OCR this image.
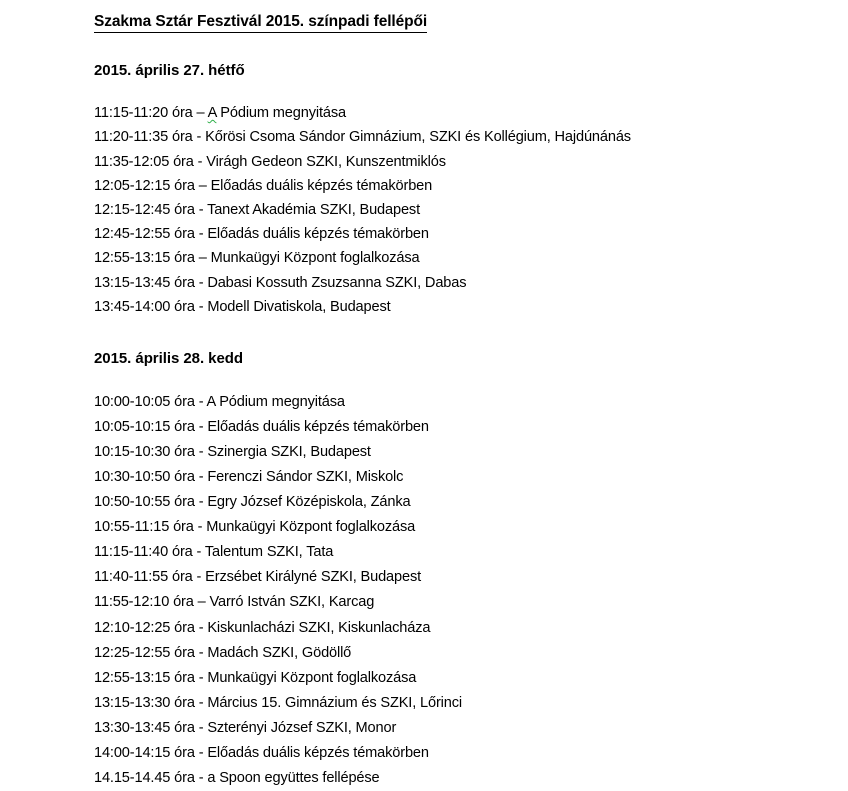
Szakma Sztár Fesztivál 2015. színpadi fellépői
2015. április 27. hétfő
11:15-11:20 óra – A Pódium megnyitása
11:20-11:35 óra - Kőrösi Csoma Sándor Gimnázium, SZKI és Kollégium, Hajdúnánás
11:35-12:05 óra - Virágh Gedeon SZKI, Kunszentmiklós
12:05-12:15 óra – Előadás duális képzés témakörben
12:15-12:45 óra - Tanext Akadémia SZKI, Budapest
12:45-12:55 óra - Előadás duális képzés témakörben
12:55-13:15 óra – Munkaügyi Központ foglalkozása
13:15-13:45 óra - Dabasi Kossuth Zsuzsanna SZKI, Dabas
13:45-14:00 óra - Modell Divatiskola, Budapest
2015. április 28. kedd
10:00-10:05 óra - A Pódium megnyitása
10:05-10:15 óra - Előadás duális képzés témakörben
10:15-10:30 óra - Szinergia SZKI, Budapest
10:30-10:50 óra - Ferenczi Sándor SZKI, Miskolc
10:50-10:55 óra - Egry József Középiskola, Zánka
10:55-11:15 óra - Munkaügyi Központ foglalkozása
11:15-11:40 óra - Talentum SZKI, Tata
11:40-11:55 óra - Erzsébet Királyné SZKI, Budapest
11:55-12:10 óra – Varró István SZKI, Karcag
12:10-12:25 óra - Kiskunlacházi SZKI, Kiskunlacháza
12:25-12:55 óra - Madách SZKI, Gödöllő
12:55-13:15 óra - Munkaügyi Központ foglalkozása
13:15-13:30 óra - Március 15. Gimnázium és SZKI, Lőrinci
13:30-13:45 óra - Szterényi József SZKI, Monor
14:00-14:15 óra - Előadás duális képzés témakörben
14.15-14.45 óra - a Spoon együttes fellépése
